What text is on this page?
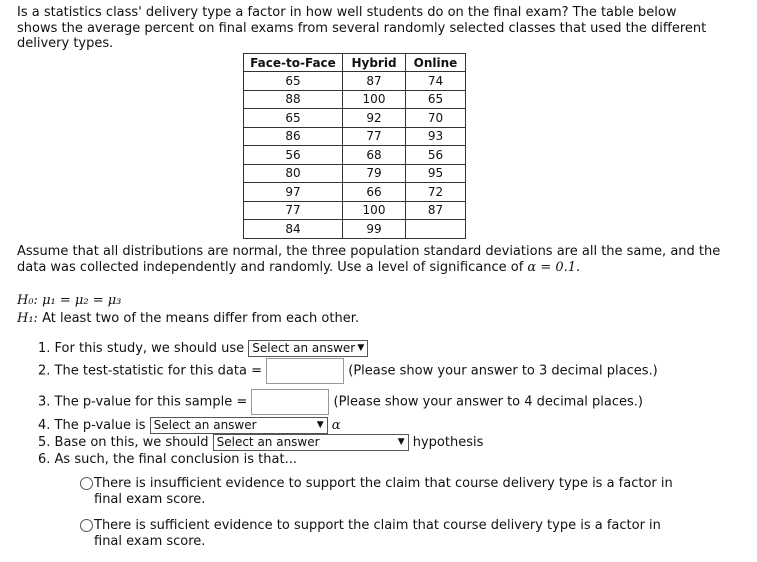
Is a statistics class' delivery type a factor in how well students do on the final exam? The table below shows the average percent on final exams from several randomly selected classes that used the different delivery types.
Face-to-Face	Hybrid	Online
65	87	74
88	100	65
65	92	70
86	77	93
56	68	56
80	79	95
97	66	72
77	100	87
84	99	
Assume that all distributions are normal, the three population standard deviations are all the same, and the data was collected independently and randomly. Use a level of significance of α = 0.1.
H₀: μ₁ = μ₂ = μ₃
H₁: At least two of the means differ from each other.
1. For this study, we should use Select an answer ▼
2. The test-statistic for this data =	(Please show your answer to 3 decimal places.)
3. The p-value for this sample =	(Please show your answer to 4 decimal places.)
4. The p-value is Select an answer	▼ α
5. Base on this, we should Select an answer	▼ hypothesis
6. As such, the final conclusion is that...
There is insufficient evidence to support the claim that course delivery type is a factor in final exam score.
There is sufficient evidence to support the claim that course delivery type is a factor in final exam score.
